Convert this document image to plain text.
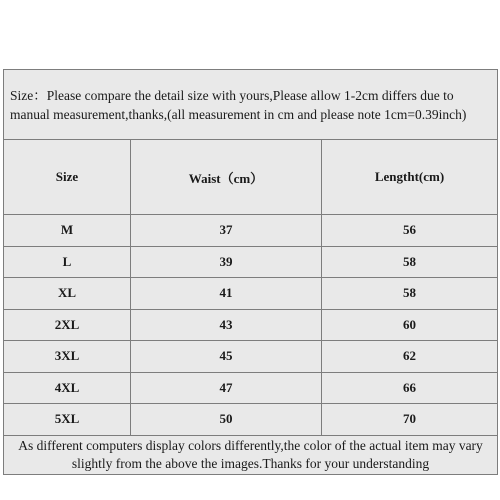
Size：Please compare the detail size with yours,Please allow 1-2cm differs due to manual measurement,thanks,(all measurement in cm and please note 1cm=0.39inch)		
Size	Waist（cm）	Lengtht(cm)
M	37	56
L	39	58
XL	41	58
2XL	43	60
3XL	45	62
4XL	47	66
5XL	50	70
As different computers display colors differently,the color of the actual item may vary slightly from the above the images.Thanks for your understanding		
